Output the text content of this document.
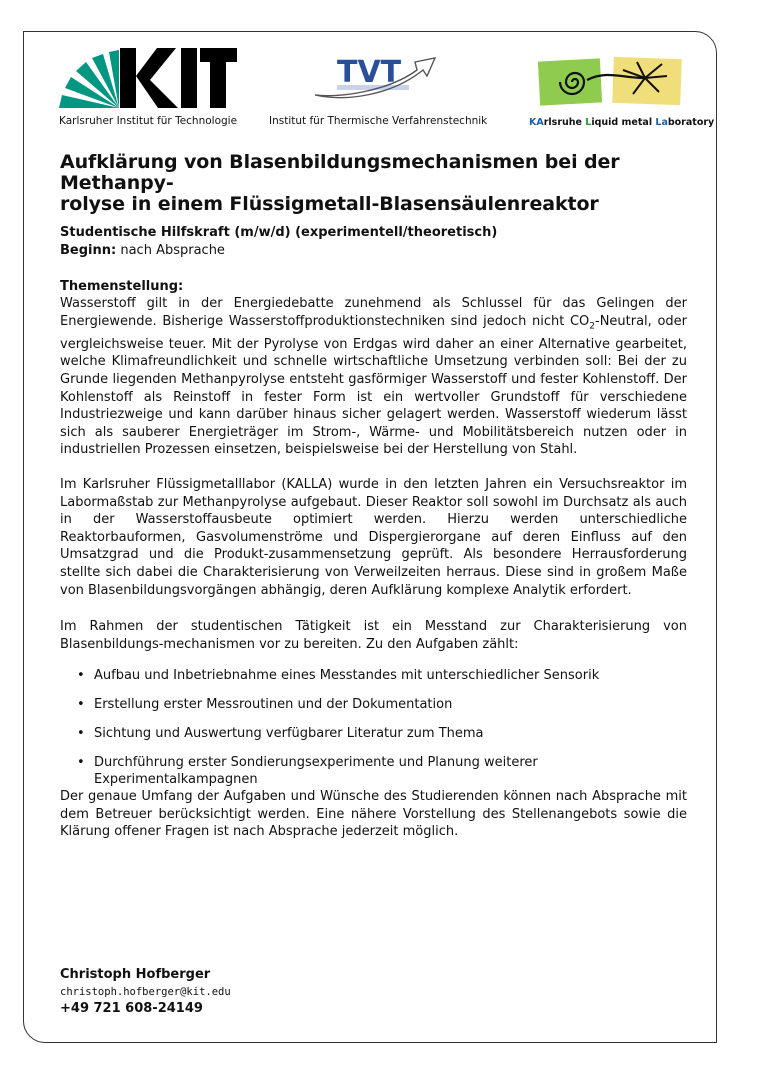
Karlsruher Institut für Technologie
TVT
Institut für Thermische Verfahrenstechnik	KArlsruhe Liquid metal Laboratory
Aufklärung von Blasenbildungsmechanismen bei der Methanpy-
rolyse in einem Flüssigmetall-Blasensäulenreaktor
Studentische Hilfskraft (m/w/d) (experimentell/theoretisch)
Beginn: nach Absprache
Themenstellung:

Wasserstoff gilt in der Energiedebatte zunehmend als Schlussel für das Gelingen der Energiewende. Bisherige Wasserstoffproduktionstechniken sind jedoch nicht $CO_2$-Neutral, oder vergleichsweise teuer. Mit der Pyrolyse von Erdgas wird daher an einer Alternative gearbeitet, welche Klimafreundlichkeit und schnelle wirtschaftliche Umsetzung verbinden soll: Bei der zu Grunde liegenden Methanpyrolyse entsteht gasförmiger Wasserstoff und fester Kohlenstoff. Der Kohlenstoff als Reinstoff in fester Form ist ein wertvoller Grundstoff für verschiedene Industriezweige und kann darüber hinaus sicher gelagert werden. Wasserstoff wiederum lässt sich als sauberer Energieträger im Strom-, Wärme- und Mobilitätsbereich nutzen oder in industriellen Prozessen einsetzen, beispielsweise bei der Herstellung von Stahl.

Im Karlsruher Flüssigmetalllabor (KALLA) wurde in den letzten Jahren ein Versuchsreaktor im Labormaßstab zur Methanpyrolyse aufgebaut. Dieser Reaktor soll sowohl im Durchsatz als auch in der Wasserstoffausbeute optimiert werden. Hierzu werden unterschiedliche Reaktorbauformen, Gasvolumenströme und Dispergierorgane auf deren Einfluss auf den Umsatzgrad und die Produkt-zusammensetzung geprüft. Als besondere Herrausforderung stellte sich dabei die Charakterisierung von Verweilzeiten herraus. Diese sind in großem Maße von Blasenbildungsvorgängen abhängig, deren Aufklärung komplexe Analytik erfordert.

Im Rahmen der studentischen Tätigkeit ist ein Messtand zur Charakterisierung von Blasenbildungs-mechanismen vor zu bereiten. Zu den Aufgaben zählt:

• Aufbau und Inbetriebnahme eines Messtandes mit unterschiedlicher Sensorik
• Erstellung erster Messroutinen und der Dokumentation
• Sichtung und Auswertung verfügbarer Literatur zum Thema
• Durchführung erster Sondierungsexperimente und Planung weiterer Experimentalkampagnen

Der genaue Umfang der Aufgaben und Wünsche des Studierenden können nach Absprache mit dem Betreuer berücksichtigt werden. Eine nähere Vorstellung des Stellenangebots sowie die Klärung offener Fragen ist nach Absprache jederzeit möglich.

Christoph Hofberger
christoph.hofberger@kit.edu
+49 721 608-24149
